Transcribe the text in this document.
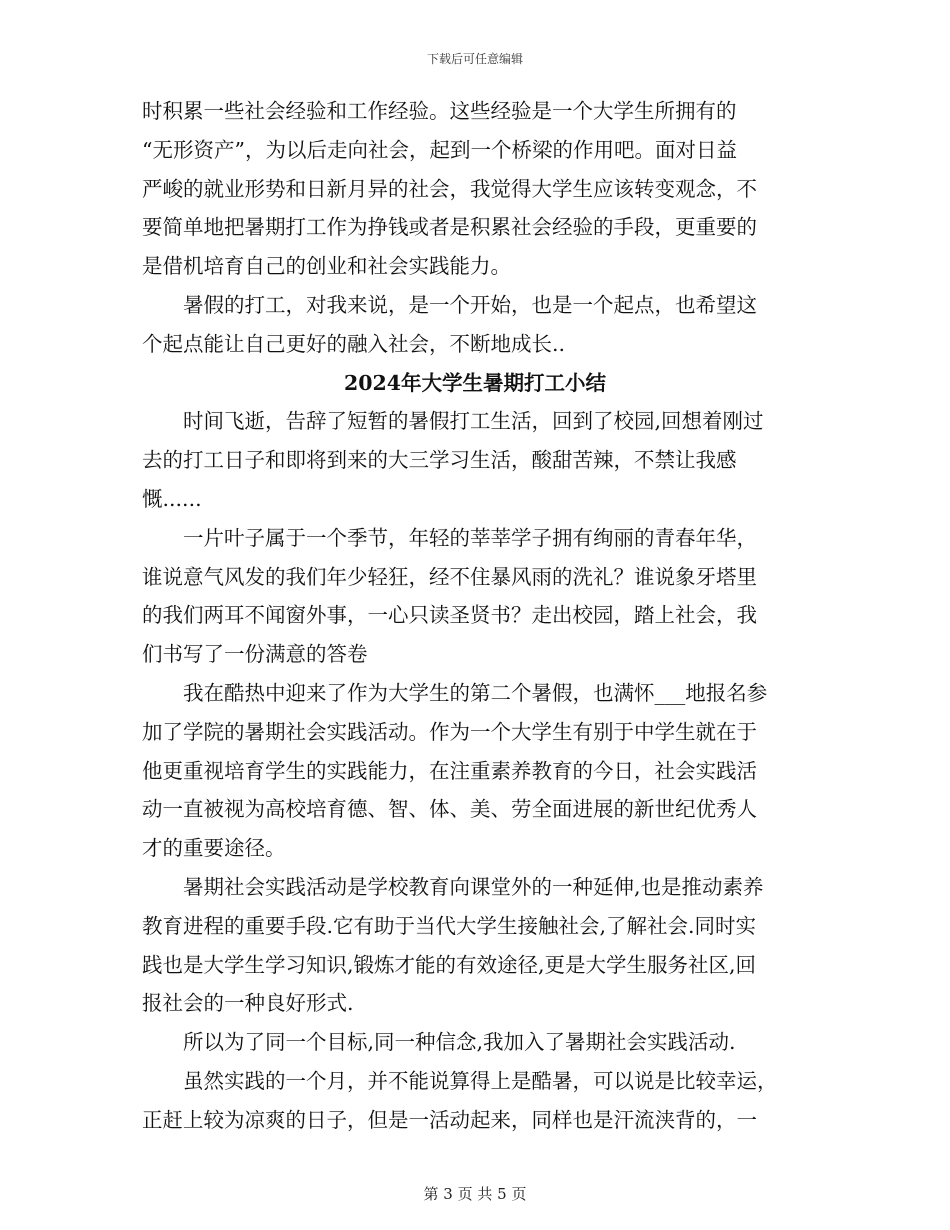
下载后可任意编辑
时积累一些社会经验和工作经验。这些经验是一个大学生所拥有的
“无形资产”，为以后走向社会，起到一个桥梁的作用吧。面对日益
严峻的就业形势和日新月异的社会，我觉得大学生应该转变观念，不
要简单地把暑期打工作为挣钱或者是积累社会经验的手段，更重要的
是借机培育自己的创业和社会实践能力。
暑假的打工，对我来说，是一个开始，也是一个起点，也希望这
个起点能让自己更好的融入社会，不断地成长..
2024年大学生暑期打工小结
时间飞逝，告辞了短暂的暑假打工生活，回到了校园,回想着刚过
去的打工日子和即将到来的大三学习生活，酸甜苦辣，不禁让我感
慨......
一片叶子属于一个季节，年轻的莘莘学子拥有绚丽的青春年华，
谁说意气风发的我们年少轻狂，经不住暴风雨的洗礼？谁说象牙塔里
的我们两耳不闻窗外事，一心只读圣贤书？走出校园，踏上社会，我
们书写了一份满意的答卷
我在酷热中迎来了作为大学生的第二个暑假，也满怀___地报名参
加了学院的暑期社会实践活动。作为一个大学生有别于中学生就在于
他更重视培育学生的实践能力，在注重素养教育的今日，社会实践活
动一直被视为高校培育德、智、体、美、劳全面进展的新世纪优秀人
才的重要途径。
暑期社会实践活动是学校教育向课堂外的一种延伸,也是推动素养
教育进程的重要手段.它有助于当代大学生接触社会,了解社会.同时实
践也是大学生学习知识,锻炼才能的有效途径,更是大学生服务社区,回
报社会的一种良好形式.
所以为了同一个目标,同一种信念,我加入了暑期社会实践活动.
虽然实践的一个月，并不能说算得上是酷暑，可以说是比较幸运，
正赶上较为凉爽的日子，但是一活动起来，同样也是汗流浃背的，一
第 3 页 共 5 页
